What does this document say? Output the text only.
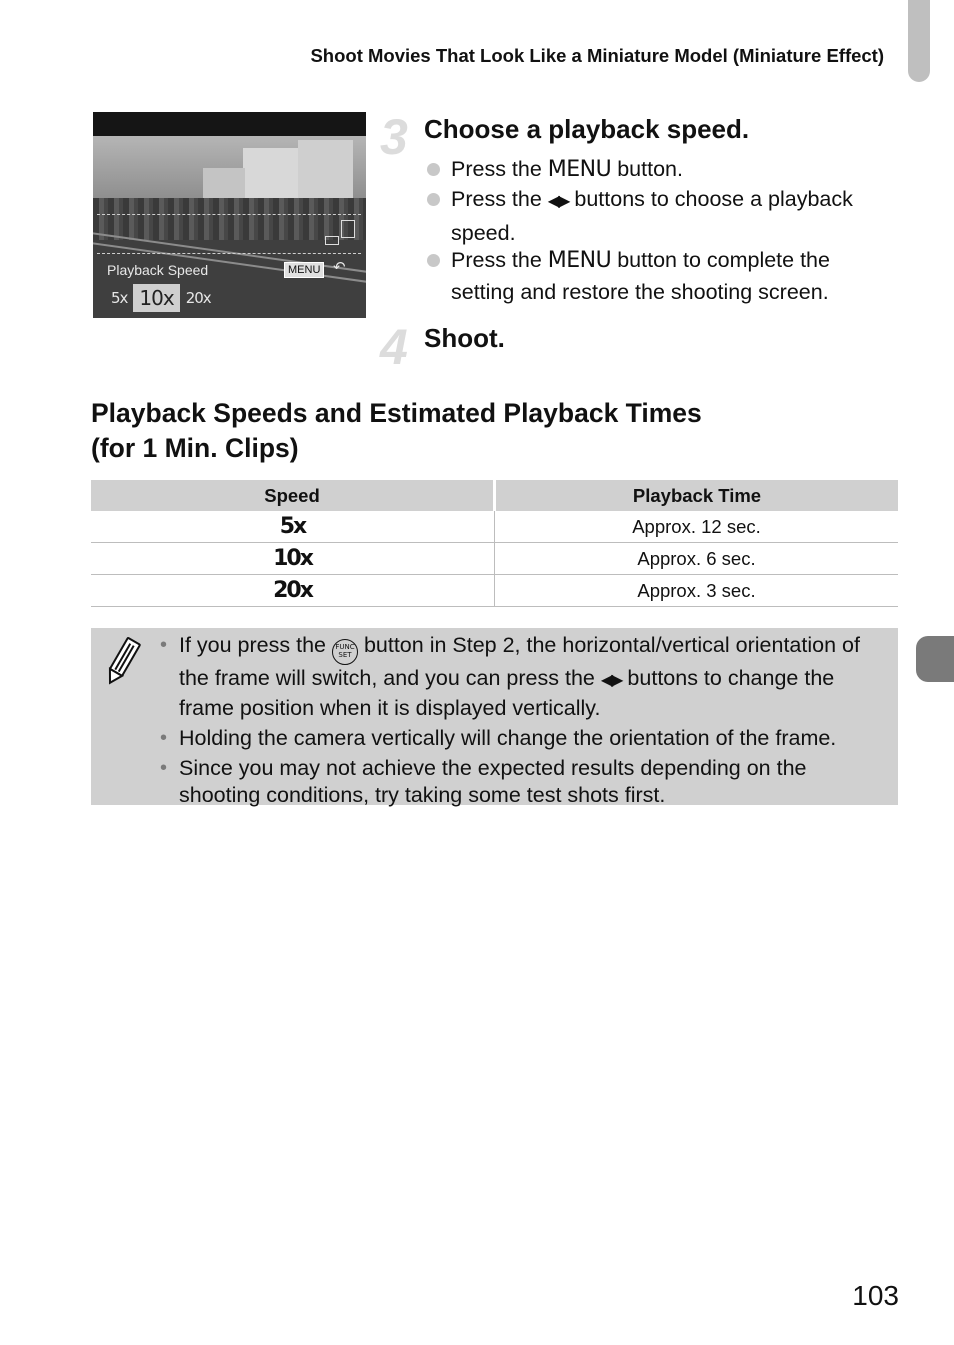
Shoot Movies That Look Like a Miniature Model (Miniature Effect)
Playback Speed	MENU ↶
5x 10x 20x
3 Choose a playback speed.
Press the MENU button.
Press the ◀▶ buttons to choose a playback speed.
Press the MENU button to complete the setting and restore the shooting screen.
4 Shoot.
Playback Speeds and Estimated Playback Times
(for 1 Min. Clips)
Speed	Playback Time
5x	Approx. 12 sec.
10x	Approx. 6 sec.
20x	Approx. 3 sec.
• If you press the FUNC
SET button in Step 2, the horizontal/vertical orientation of the frame will switch, and you can press the ◀▶ buttons to change the frame position when it is displayed vertically.
• Holding the camera vertically will change the orientation of the frame.
• Since you may not achieve the expected results depending on the shooting conditions, try taking some test shots first.
103
